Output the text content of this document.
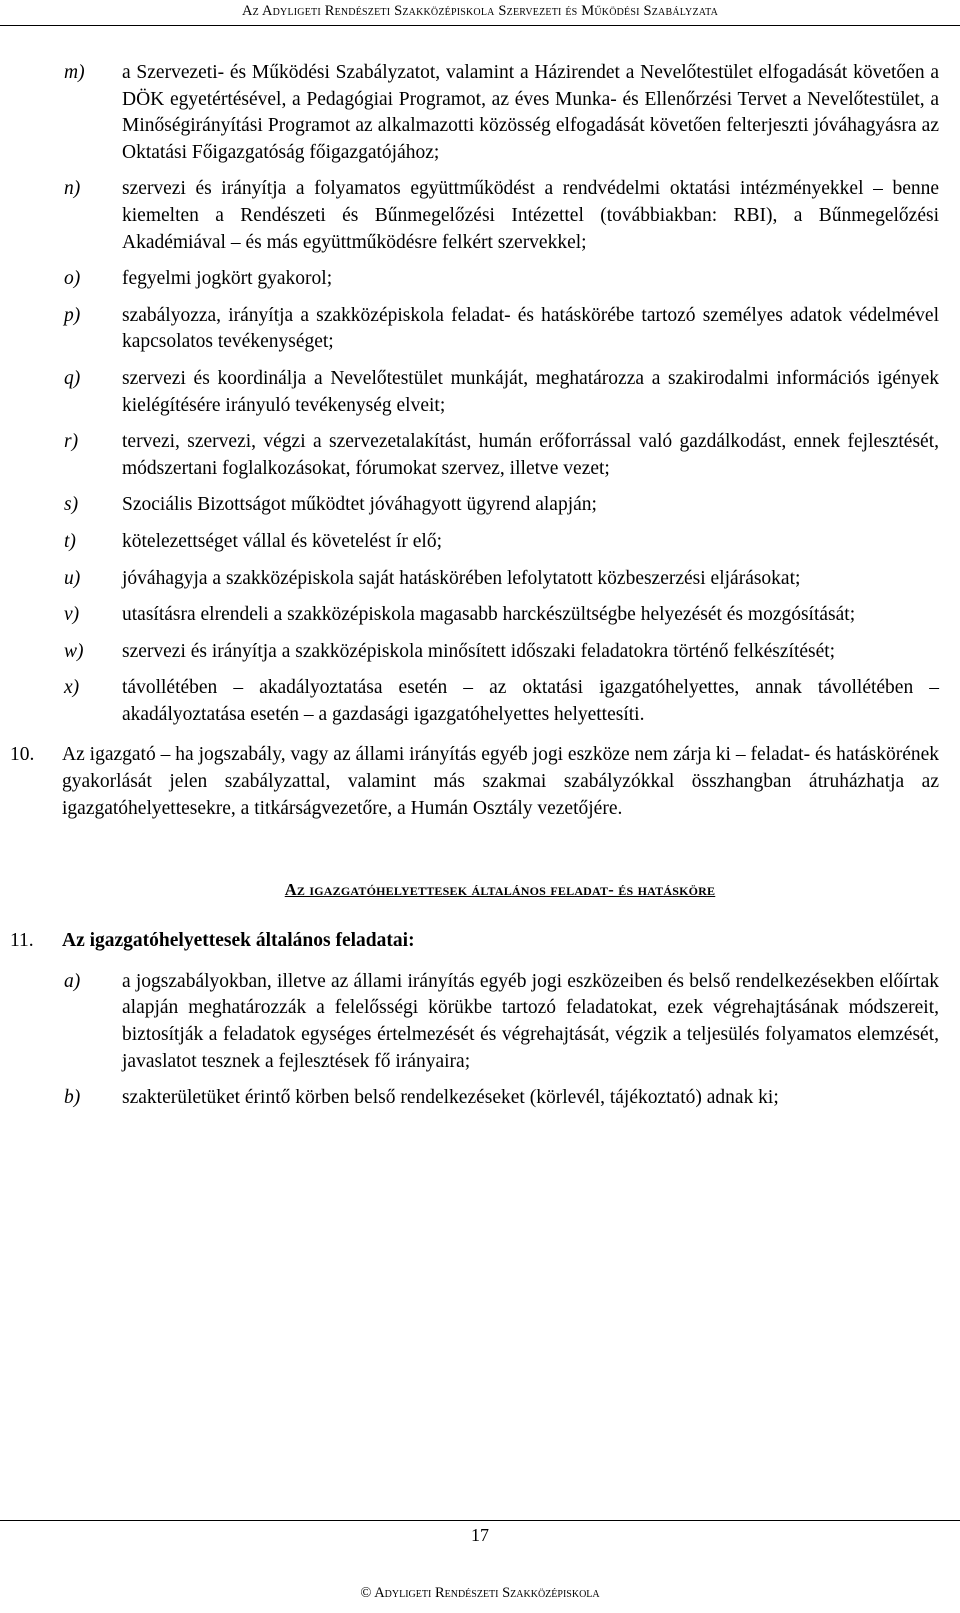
Az Adyligeti Rendészeti Szakközépiskola Szervezeti és Működési Szabályzata
m) a Szervezeti- és Működési Szabályzatot, valamint a Házirendet a Nevelőtestület elfogadását követően a DÖK egyetértésével, a Pedagógiai Programot, az éves Munka- és Ellenőrzési Tervet a Nevelőtestület, a Minőségirányítási Programot az alkalmazotti közösség elfogadását követően felterjeszti jóváhagyásra az Oktatási Főigazgatóság főigazgatójához;
n) szervezi és irányítja a folyamatos együttműködést a rendvédelmi oktatási intézményekkel – benne kiemelten a Rendészeti és Bűnmegelőzési Intézettel (továbbiakban: RBI), a Bűnmegelőzési Akadémiával – és más együttműködésre felkért szervekkel;
o) fegyelmi jogkört gyakorol;
p) szabályozza, irányítja a szakközépiskola feladat- és hatáskörébe tartozó személyes adatok védelmével kapcsolatos tevékenységet;
q) szervezi és koordinálja a Nevelőtestület munkáját, meghatározza a szakirodalmi információs igények kielégítésére irányuló tevékenység elveit;
r) tervezi, szervezi, végzi a szervezetalakítást, humán erőforrással való gazdálkodást, ennek fejlesztését, módszertani foglalkozásokat, fórumokat szervez, illetve vezet;
s) Szociális Bizottságot működtet jóváhagyott ügyrend alapján;
t) kötelezettséget vállal és követelést ír elő;
u) jóváhagyja a szakközépiskola saját hatáskörében lefolytatott közbeszerzési eljárásokat;
v) utasításra elrendeli a szakközépiskola magasabb harckészültségbe helyezését és mozgósítását;
w) szervezi és irányítja a szakközépiskola minősített időszaki feladatokra történő felkészítését;
x) távollétében – akadályoztatása esetén – az oktatási igazgatóhelyettes, annak távollétében – akadályoztatása esetén – a gazdasági igazgatóhelyettes helyettesíti.
10. Az igazgató – ha jogszabály, vagy az állami irányítás egyéb jogi eszköze nem zárja ki – feladat- és hatáskörének gyakorlását jelen szabályzattal, valamint más szakmai szabályzókkal összhangban átruházhatja az igazgatóhelyettesekre, a titkárságvezetőre, a Humán Osztály vezetőjére.
Az igazgatóhelyettesek általános feladat- és hatásköre
11. Az igazgatóhelyettesek általános feladatai:
a) a jogszabályokban, illetve az állami irányítás egyéb jogi eszközeiben és belső rendelkezésekben előírtak alapján meghatározzák a felelősségi körükbe tartozó feladatokat, ezek végrehajtásának módszereit, biztosítják a feladatok egységes értelmezését és végrehajtását, végzik a teljesülés folyamatos elemzését, javaslatot tesznek a fejlesztések fő irányaira;
b) szakterületüket érintő körben belső rendelkezéseket (körlevél, tájékoztató) adnak ki;
17
© Adyligeti Rendészeti Szakközépiskola
